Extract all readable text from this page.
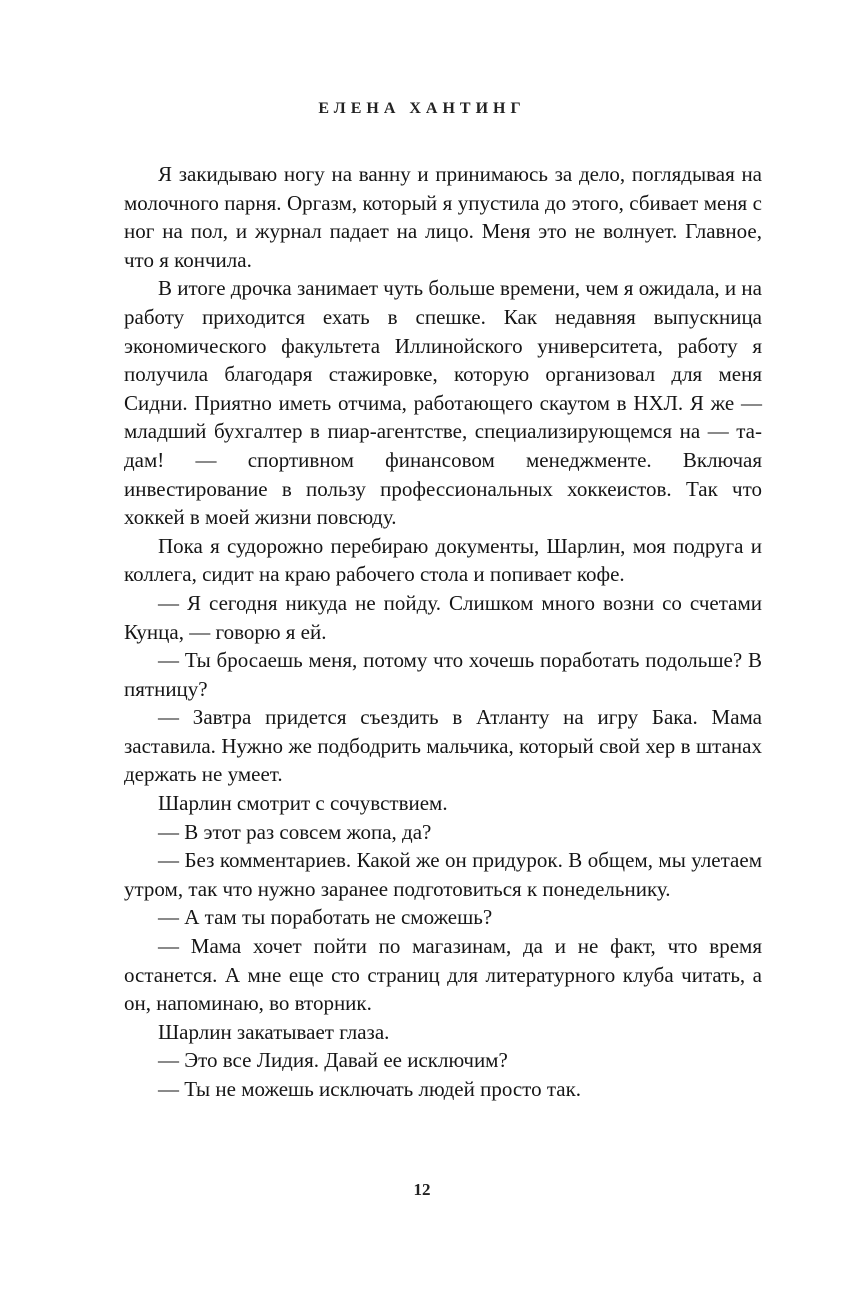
ЕЛЕНА ХАНТИНГ

Я закидываю ногу на ванну и принимаюсь за дело, поглядывая на молочного парня. Оргазм, который я упустила до этого, сбивает меня с ног на пол, и журнал падает на лицо. Меня это не волнует. Главное, что я кончила.

В итоге дрочка занимает чуть больше времени, чем я ожидала, и на работу приходится ехать в спешке. Как недавняя выпускница экономического факультета Иллинойского университета, работу я получила благодаря стажировке, которую организовал для меня Сидни. Приятно иметь отчима, работающего скаутом в НХЛ. Я же — младший бухгалтер в пиар-агентстве, специализирующемся на — та-дам! — спортивном финансовом менеджменте. Включая инвестирование в пользу профессиональных хоккеистов. Так что хоккей в моей жизни повсюду.

Пока я судорожно перебираю документы, Шарлин, моя подруга и коллега, сидит на краю рабочего стола и попивает кофе.

— Я сегодня никуда не пойду. Слишком много возни со счетами Кунца, — говорю я ей.

— Ты бросаешь меня, потому что хочешь поработать подольше? В пятницу?

— Завтра придется съездить в Атланту на игру Бака. Мама заставила. Нужно же подбодрить мальчика, который свой хер в штанах держать не умеет.

Шарлин смотрит с сочувствием.

— В этот раз совсем жопа, да?

— Без комментариев. Какой же он придурок. В общем, мы улетаем утром, так что нужно заранее подготовиться к понедельнику.

— А там ты поработать не сможешь?

— Мама хочет пойти по магазинам, да и не факт, что время останется. А мне еще сто страниц для литературного клуба читать, а он, напоминаю, во вторник.

Шарлин закатывает глаза.

— Это все Лидия. Давай ее исключим?

— Ты не можешь исключать людей просто так.

12
